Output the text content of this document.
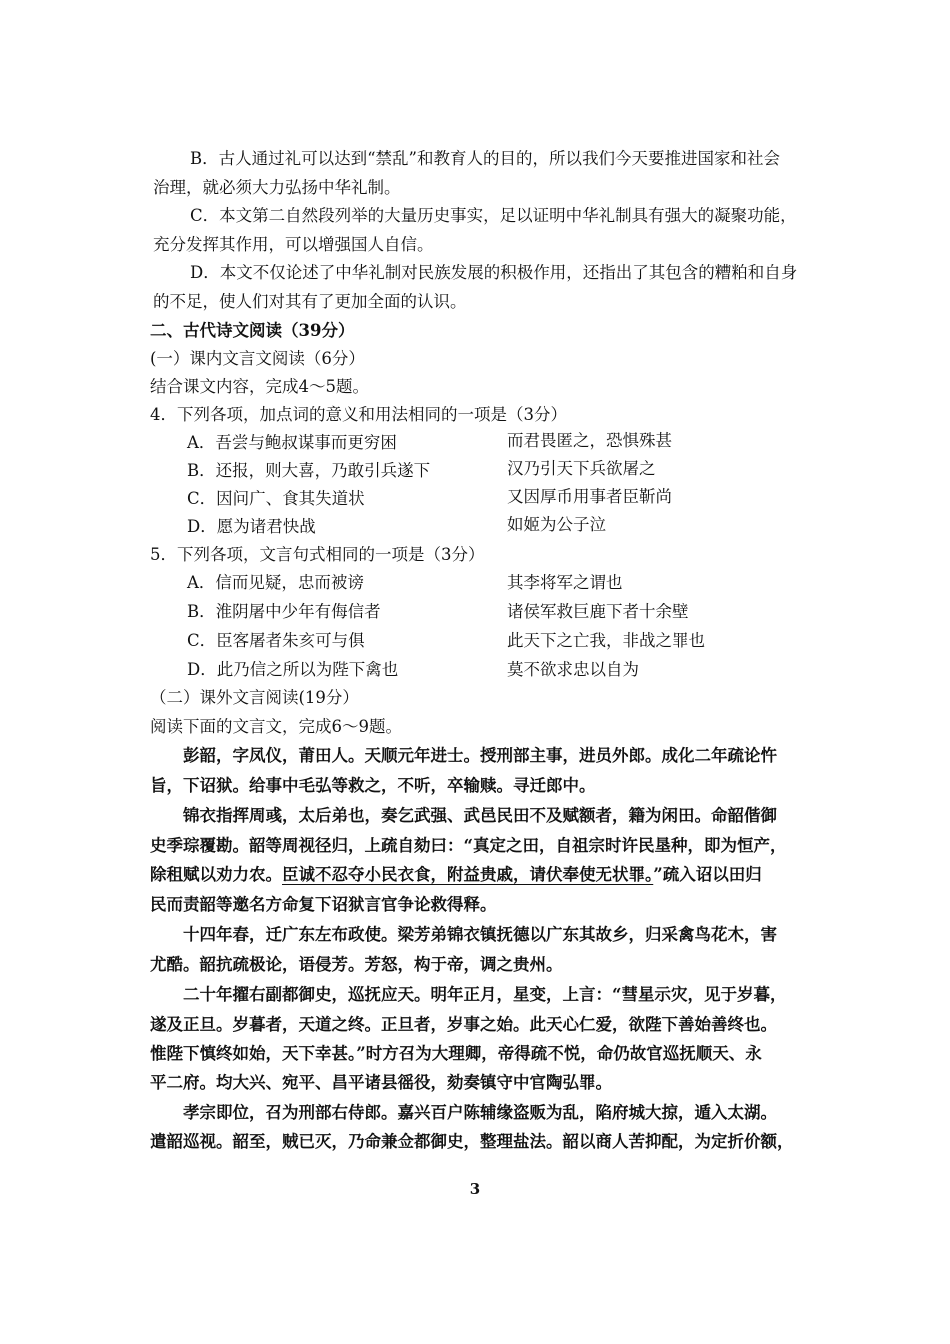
B．古人通过礼可以达到“禁乱”和教育人的目的，所以我们今天要推进国家和社会
治理，就必须大力弘扬中华礼制。
C．本文第二自然段列举的大量历史事实，足以证明中华礼制具有强大的凝聚功能，
充分发挥其作用，可以增强国人自信。
D．本文不仅论述了中华礼制对民族发展的积极作用，还指出了其包含的糟粕和自身
的不足，使人们对其有了更加全面的认识。
二、古代诗文阅读（39分）
(一）课内文言文阅读（6分）
结合课文内容，完成4～5题。
4．下列各项，加点词的意义和用法相同的一项是（3分）
A．吾尝与鲍叔谋事而更穷困	而君畏匿之，恐惧殊甚
B．还报，则大喜，乃敢引兵遂下	汉乃引天下兵欲屠之
C．因问广、食其失道状	又因厚币用事者臣靳尚
D．愿为诸君快战	如姬为公子泣
5．下列各项，文言句式相同的一项是（3分）
A．信而见疑，忠而被谤	其李将军之谓也
B．淮阴屠中少年有侮信者	诸侯军救巨鹿下者十余壁
C．臣客屠者朱亥可与俱	此天下之亡我，非战之罪也
D．此乃信之所以为陛下禽也	莫不欲求忠以自为
（二）课外文言阅读(19分）
阅读下面的文言文，完成6～9题。
彭韶，字凤仪，莆田人。天顺元年进士。授刑部主事，进员外郎。成化二年疏论忤
旨，下诏狱。给事中毛弘等救之，不听，卒输赎。寻迁郎中。
锦衣指挥周彧，太后弟也，奏乞武强、武邑民田不及赋额者，籍为闲田。命韶偕御
史季琮覆勘。韶等周视径归，上疏自劾曰：“真定之田，自祖宗时许民垦种，即为恒产，
除租赋以劝力农。臣诚不忍夺小民衣食，附益贵戚，请伏奉使无状罪。”疏入诏以田归
民而责韶等邀名方命复下诏狱言官争论救得释。
十四年春，迁广东左布政使。梁芳弟锦衣镇抚德以广东其故乡，归采禽鸟花木，害
尤酷。韶抗疏极论，语侵芳。芳怒，构于帝，调之贵州。
二十年擢右副都御史，巡抚应天。明年正月，星变，上言：“彗星示灾，见于岁暮，
遂及正旦。岁暮者，天道之终。正旦者，岁事之始。此天心仁爱，欲陛下善始善终也。
惟陛下慎终如始，天下幸甚。”时方召为大理卿，帝得疏不悦，命仍故官巡抚顺天、永
平二府。均大兴、宛平、昌平诸县徭役，劾奏镇守中官陶弘罪。
孝宗即位，召为刑部右侍郎。嘉兴百户陈辅缘盗贩为乱，陷府城大掠，遁入太湖。
遣韶巡视。韶至，贼已灭，乃命兼佥都御史，整理盐法。韶以商人苦抑配，为定折价额，
3
